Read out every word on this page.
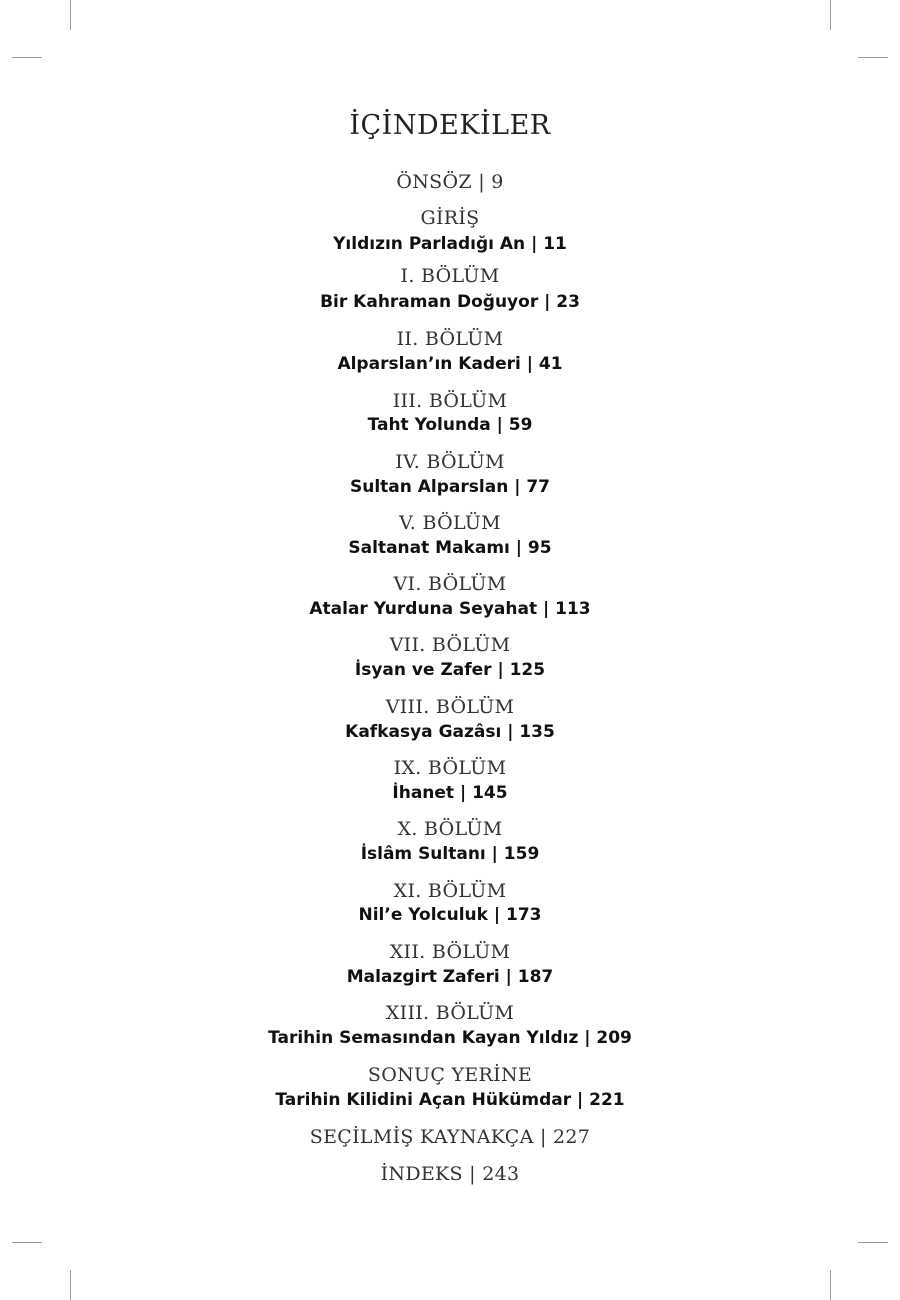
İÇİNDEKİLER
ÖNSÖZ | 9
GİRİŞ
Yıldızın Parladığı An | 11
I. BÖLÜM
Bir Kahraman Doğuyor | 23
II. BÖLÜM
Alparslan’ın Kaderi | 41
III. BÖLÜM
Taht Yolunda | 59
IV. BÖLÜM
Sultan Alparslan | 77
V. BÖLÜM
Saltanat Makamı | 95
VI. BÖLÜM
Atalar Yurduna Seyahat | 113
VII. BÖLÜM
İsyan ve Zafer | 125
VIII. BÖLÜM
Kafkasya Gazâsı | 135
IX. BÖLÜM
İhanet | 145
X. BÖLÜM
İslâm Sultanı | 159
XI. BÖLÜM
Nil’e Yolculuk | 173
XII. BÖLÜM
Malazgirt Zaferi | 187
XIII. BÖLÜM
Tarihin Semasından Kayan Yıldız | 209
SONUÇ YERİNE
Tarihin Kilidini Açan Hükümdar | 221
SEÇİLMİŞ KAYNAKÇA | 227
İNDEKS | 243
